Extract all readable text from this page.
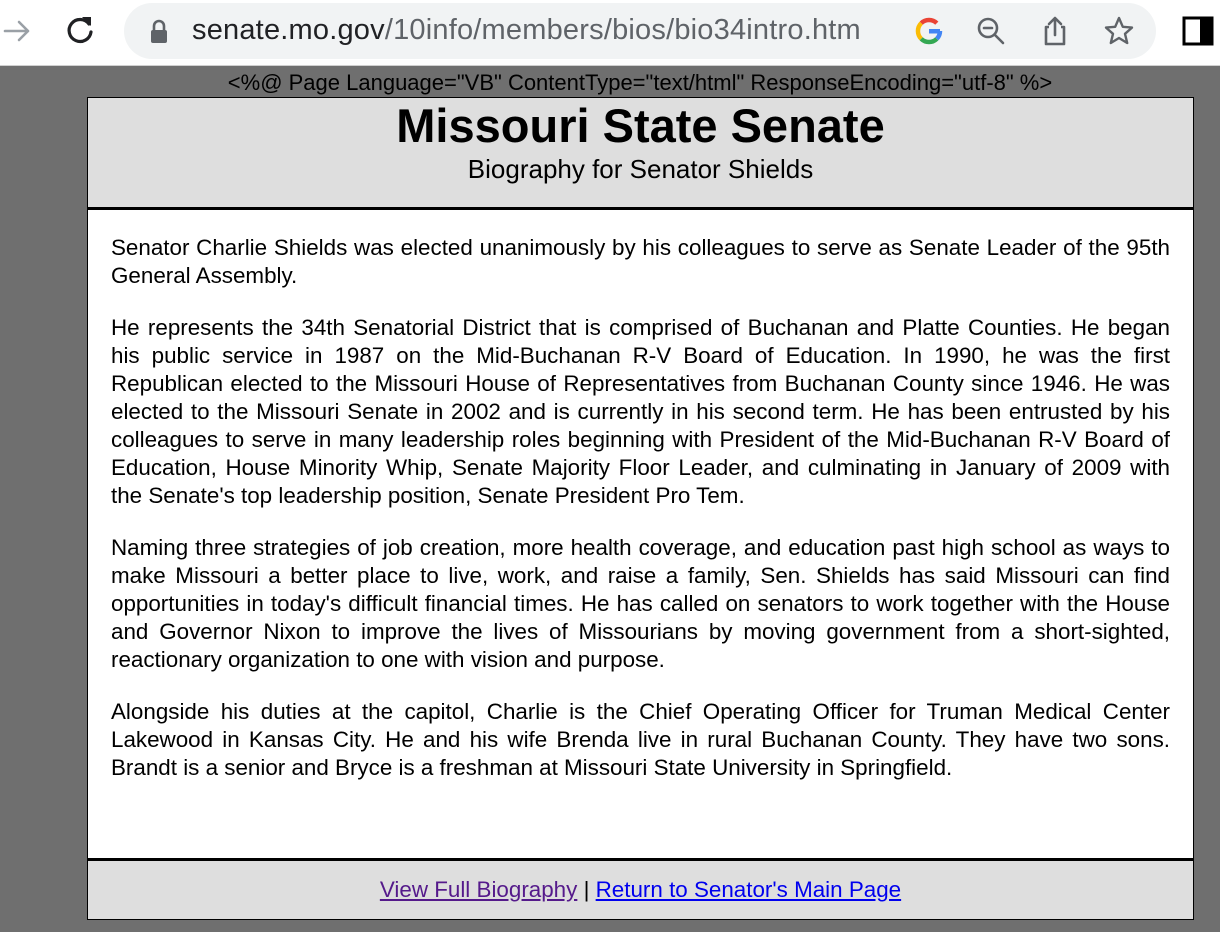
senate.mo.gov/10info/members/bios/bio34intro.htm
<%@ Page Language="VB" ContentType="text/html" ResponseEncoding="utf-8" %>
Missouri State Senate
Biography for Senator Shields

Senator Charlie Shields was elected unanimously by his colleagues to serve as Senate Leader of the 95th General Assembly.

He represents the 34th Senatorial District that is comprised of Buchanan and Platte Counties. He began his public service in 1987 on the Mid-Buchanan R-V Board of Education. In 1990, he was the first Republican elected to the Missouri House of Representatives from Buchanan County since 1946. He was elected to the Missouri Senate in 2002 and is currently in his second term. He has been entrusted by his colleagues to serve in many leadership roles beginning with President of the Mid-Buchanan R-V Board of Education, House Minority Whip, Senate Majority Floor Leader, and culminating in January of 2009 with the Senate's top leadership position, Senate President Pro Tem.

Naming three strategies of job creation, more health coverage, and education past high school as ways to make Missouri a better place to live, work, and raise a family, Sen. Shields has said Missouri can find opportunities in today's difficult financial times. He has called on senators to work together with the House and Governor Nixon to improve the lives of Missourians by moving government from a short-sighted, reactionary organization to one with vision and purpose.

Alongside his duties at the capitol, Charlie is the Chief Operating Officer for Truman Medical Center Lakewood in Kansas City. He and his wife Brenda live in rural Buchanan County. They have two sons. Brandt is a senior and Bryce is a freshman at Missouri State University in Springfield.

View Full Biography | Return to Senator's Main Page
